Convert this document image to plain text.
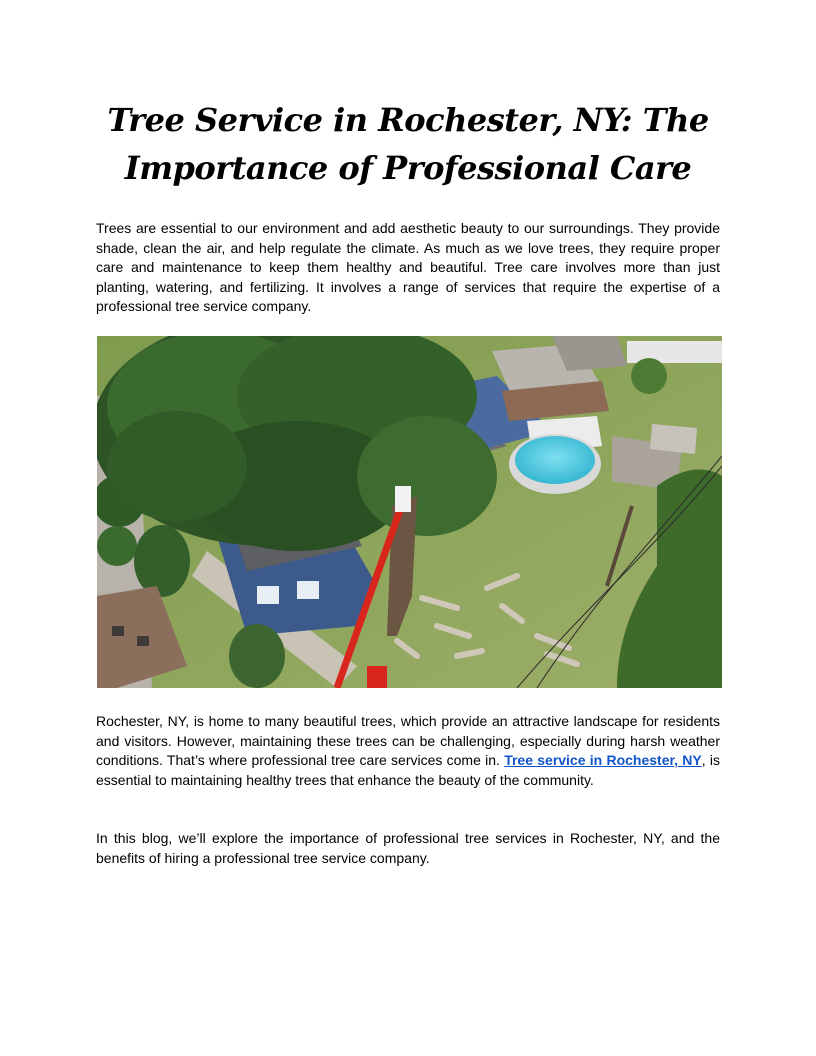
Tree Service in Rochester, NY: The Importance of Professional Care

Trees are essential to our environment and add aesthetic beauty to our surroundings. They provide shade, clean the air, and help regulate the climate. As much as we love trees, they require proper care and maintenance to keep them healthy and beautiful. Tree care involves more than just planting, watering, and fertilizing. It involves a range of services that require the expertise of a professional tree service company.

Rochester, NY, is home to many beautiful trees, which provide an attractive landscape for residents and visitors. However, maintaining these trees can be challenging, especially during harsh weather conditions. That’s where professional tree care services come in. Tree service in Rochester, NY, is essential to maintaining healthy trees that enhance the beauty of the community.

In this blog, we’ll explore the importance of professional tree services in Rochester, NY, and the benefits of hiring a professional tree service company.
